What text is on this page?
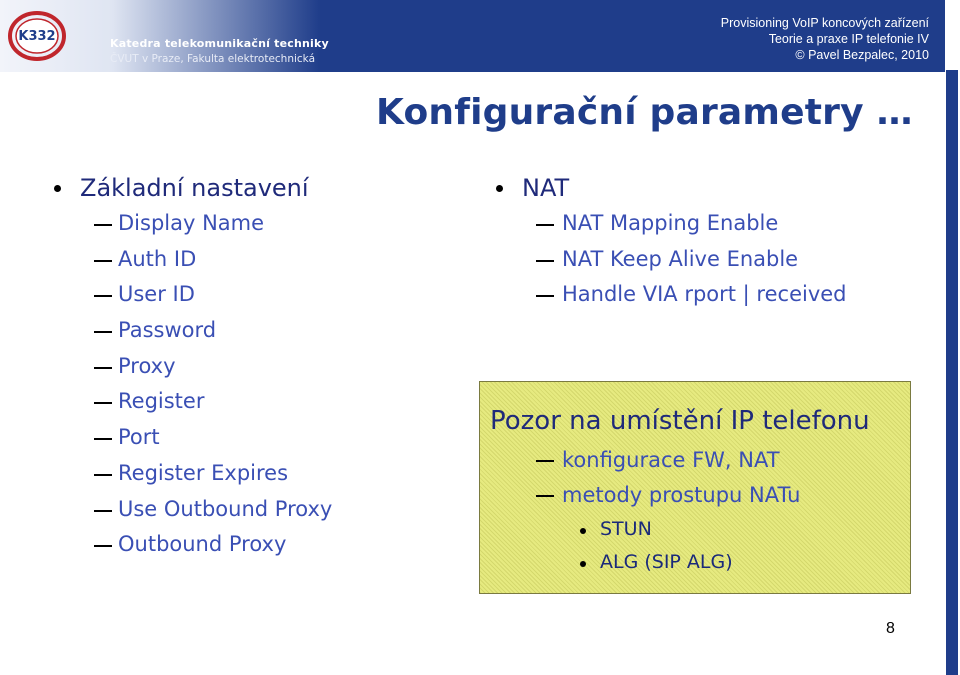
K332	Katedra telekomunikační techniky
ČVUT v Praze, Fakulta elektrotechnická
Provisioning VoIP koncových zařízení
Teorie a praxe IP telefonie IV
© Pavel Bezpalec, 2010
Konfigurační parametry …
Základní nastavení
Display Name
Auth ID
User ID
Password
Proxy
Register
Port
Register Expires
Use Outbound Proxy
Outbound Proxy
NAT
NAT Mapping Enable
NAT Keep Alive Enable
Handle VIA rport | received
Pozor na umístění IP telefonu
konfigurace FW, NAT
metody prostupu NATu
STUN
ALG (SIP ALG)
8
